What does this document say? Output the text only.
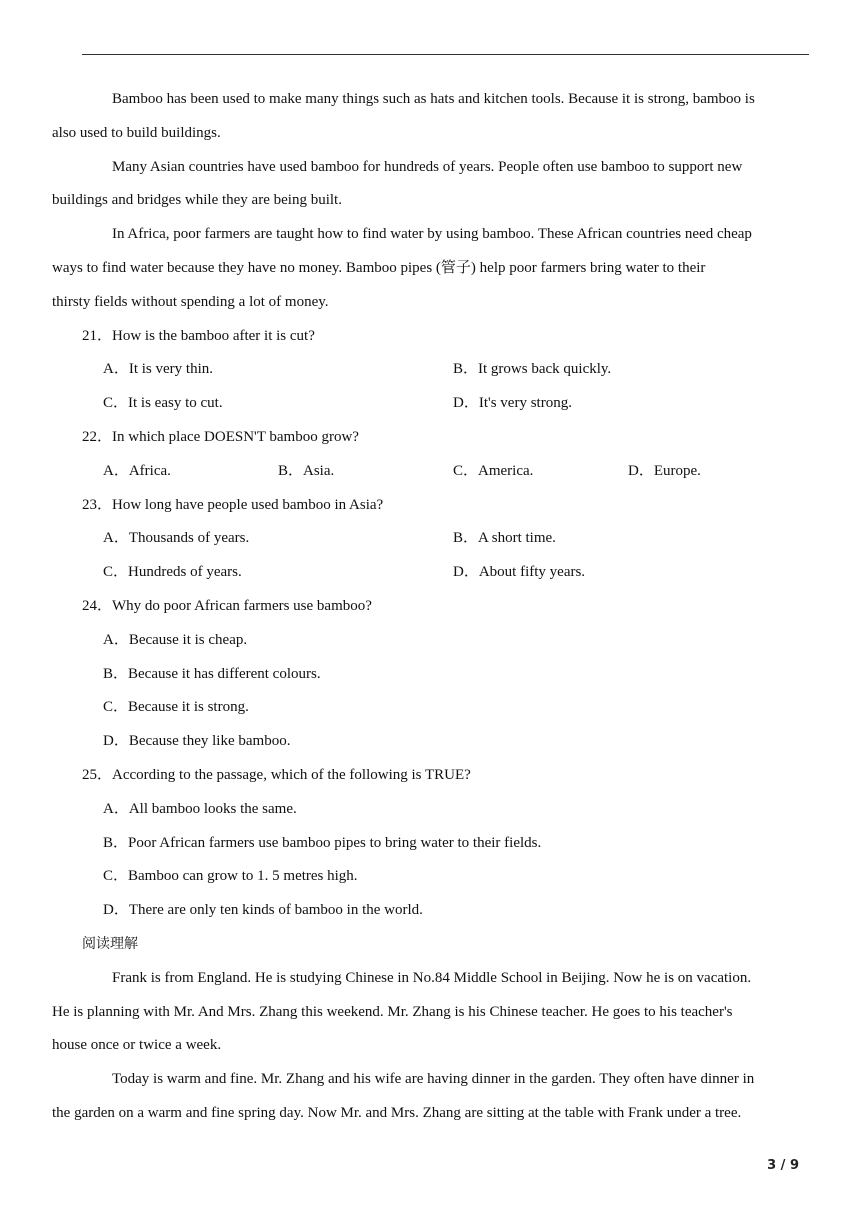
Bamboo has been used to make many things such as hats and kitchen tools. Because it is strong, bamboo is
also used to build buildings.

Many Asian countries have used bamboo for hundreds of years. People often use bamboo to support new
buildings and bridges while they are being built.

In Africa, poor farmers are taught how to find water by using bamboo. These African countries need cheap
ways to find water because they have no money. Bamboo pipes (管子) help poor farmers bring water to their
thirsty fields without spending a lot of money.

21．How is the bamboo after it is cut?

A．It is very thin.	B．It grows back quickly.
C．It is easy to cut.	D．It's very strong.

22．In which place DOESN'T bamboo grow?

A．Africa.	B．Asia.	C．America.	D．Europe.

23．How long have people used bamboo in Asia?

A．Thousands of years.	B．A short time.
C．Hundreds of years.	D．About fifty years.

24．Why do poor African farmers use bamboo?

A．Because it is cheap.
B．Because it has different colours.
C．Because it is strong.
D．Because they like bamboo.

25．According to the passage, which of the following is TRUE?

A．All bamboo looks the same.
B．Poor African farmers use bamboo pipes to bring water to their fields.
C．Bamboo can grow to 1. 5 metres high.
D．There are only ten kinds of bamboo in the world.

阅读理解

Frank is from England. He is studying Chinese in No.84 Middle School in Beijing. Now he is on vacation.
He is planning with Mr. And Mrs. Zhang this weekend. Mr. Zhang is his Chinese teacher. He goes to his teacher's
house once or twice a week.

Today is warm and fine. Mr. Zhang and his wife are having dinner in the garden. They often have dinner in
the garden on a warm and fine spring day. Now Mr. and Mrs. Zhang are sitting at the table with Frank under a tree.

3 / 9
